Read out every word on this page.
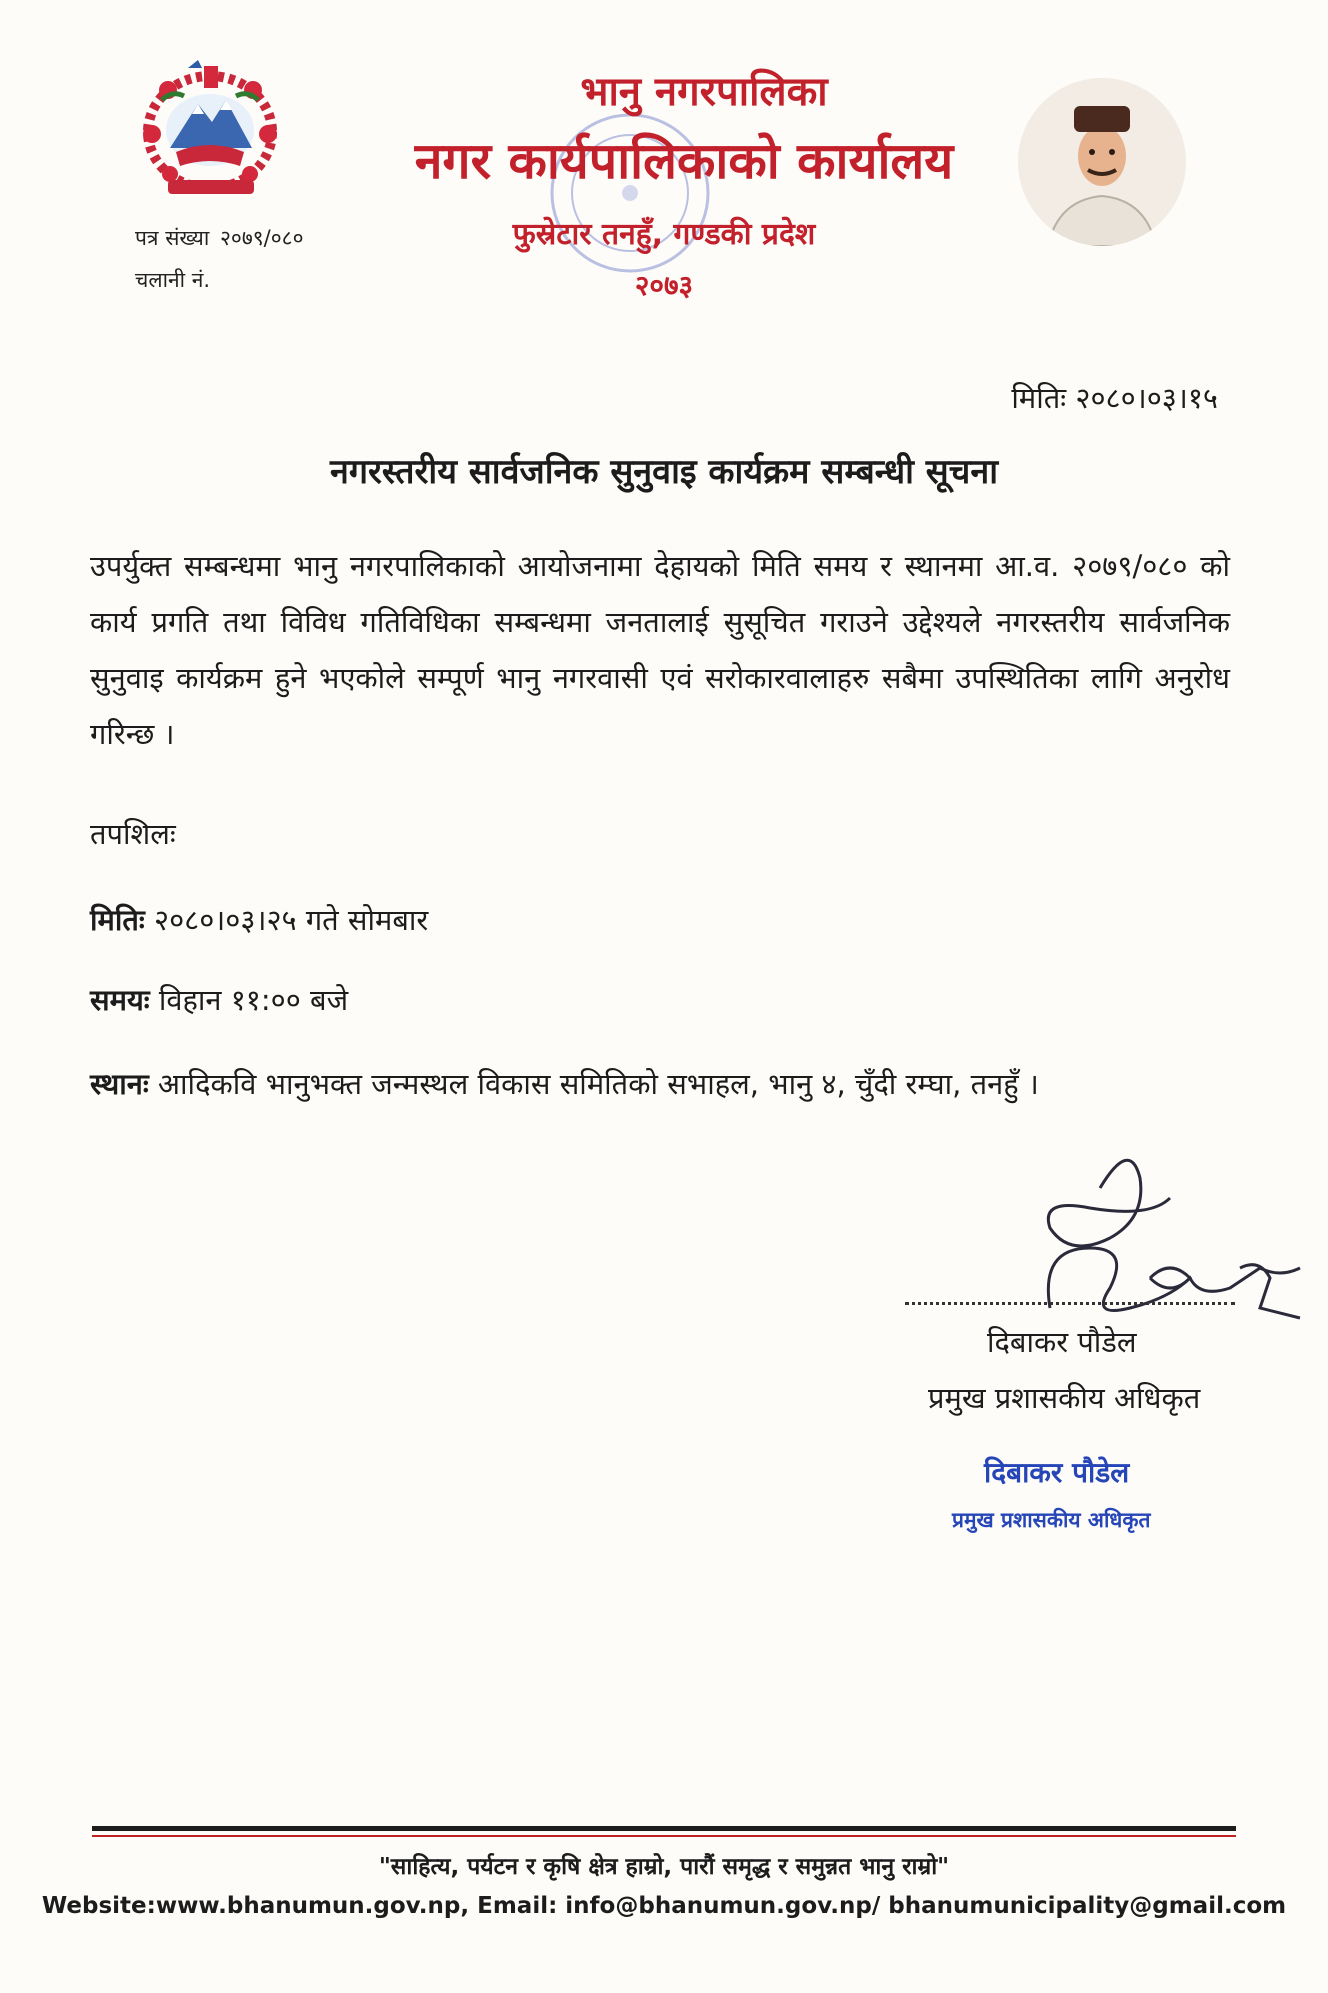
पत्र संख्या २०७९/०८०
चलानी नं.
भानु नगरपालिका
नगर कार्यपालिकाको कार्यालय
फुस्रेटार तनहुँ, गण्डकी प्रदेश
२०७३
मितिः २०८०।०३।१५
नगरस्तरीय सार्वजनिक सुनुवाइ कार्यक्रम सम्बन्धी सूचना
उपर्युक्त सम्बन्धमा भानु नगरपालिकाको आयोजनामा देहायको मिति समय र स्थानमा आ.व. २०७९/०८० को कार्य प्रगति तथा विविध गतिविधिका सम्बन्धमा जनतालाई सुसूचित गराउने उद्देश्यले नगरस्तरीय सार्वजनिक सुनुवाइ कार्यक्रम हुने भएकोले सम्पूर्ण भानु नगरवासी एवं सरोकारवालाहरु सबैमा उपस्थितिका लागि अनुरोध गरिन्छ ।
तपशिलः
मितिः २०८०।०३।२५ गते सोमबार
समयः विहान ११:०० बजे
स्थानः आदिकवि भानुभक्त जन्मस्थल विकास समितिको सभाहल, भानु ४, चुँदी रम्घा, तनहुँ ।
दिबाकर पौडेल
प्रमुख प्रशासकीय अधिकृत
दिबाकर पौडेल
प्रमुख प्रशासकीय अधिकृत
"साहित्य, पर्यटन र कृषि क्षेत्र हाम्रो, पारौं समृद्ध र समुन्नत भानु राम्रो"
Website:www.bhanumun.gov.np, Email: info@bhanumun.gov.np/ bhanumunicipality@gmail.com
